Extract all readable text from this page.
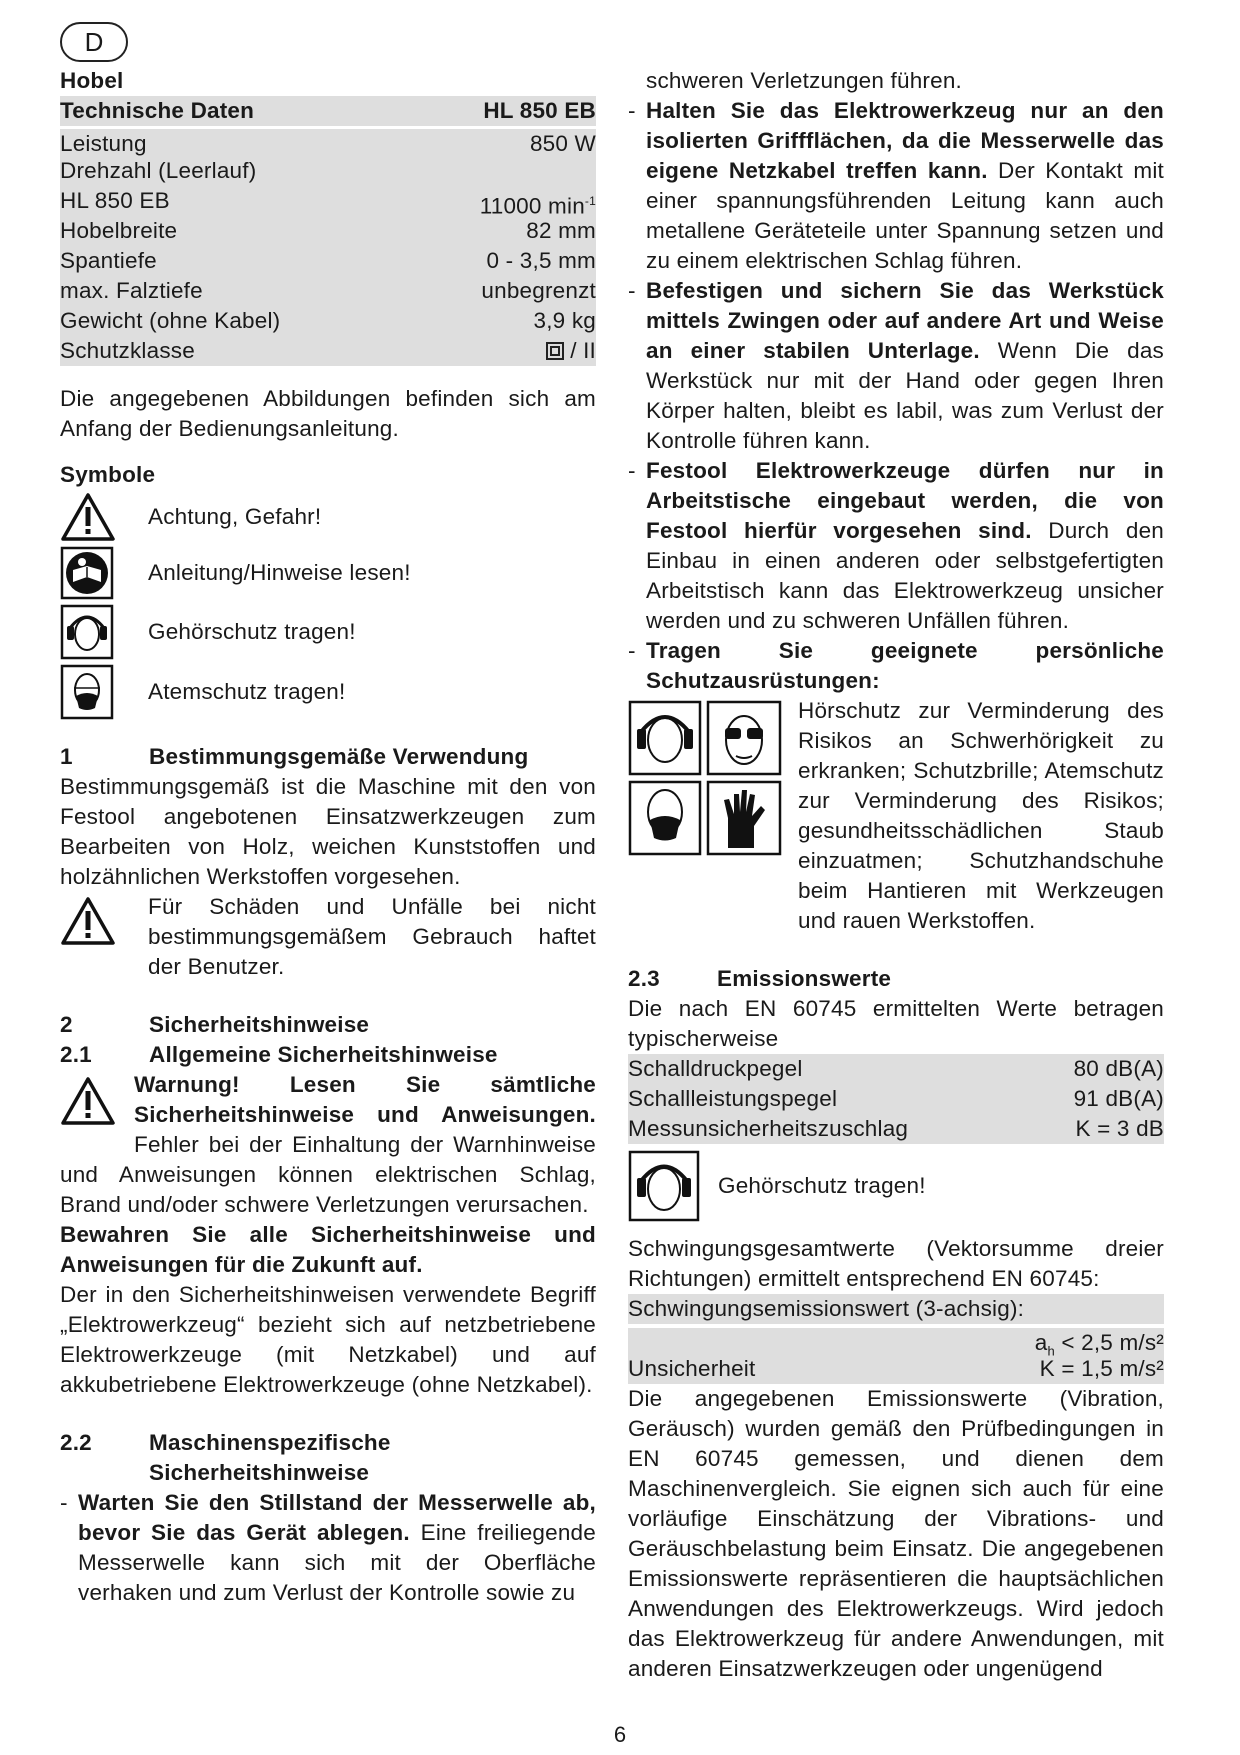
D

Hobel

Technische Daten	HL 850 EB
Leistung	850 W
Drehzahl (Leerlauf)
HL 850 EB	11000 $\min^{-1}$
Hobelbreite	82 mm
Spantiefe	0 - 3,5 mm
max. Falztiefe	unbegrenzt
Gewicht (ohne Kabel)	3,9 kg
Schutzklasse	/ II

Die angegebenen Abbildungen befinden sich am Anfang der Bedienungsanleitung.

Symbole

Achtung, Gefahr!
Anleitung/Hinweise lesen!
Gehörschutz tragen!
Atemschutz tragen!
1	Bestimmungsgemäße Verwendung

Bestimmungsgemäß ist die Maschine mit den von Festool angebotenen Einsatzwerkzeugen zum Bearbeiten von Holz, weichen Kunststoffen und holzähnlichen Werkstoffen vorgesehen.

Für Schäden und Unfälle bei nicht bestimmungsgemäßem Gebrauch haftet der Benutzer.

2	Sicherheitshinweise
2.1	Allgemeine Sicherheitshinweise

Warnung! Lesen Sie sämtliche Sicherheitshinweise und Anweisungen. Fehler bei der Einhaltung der Warnhinweise und Anweisungen können elektrischen Schlag, Brand und/oder schwere Verletzungen verursachen.

Bewahren Sie alle Sicherheitshinweise und Anweisungen für die Zukunft auf.

Der in den Sicherheitshinweisen verwendete Begriff „Elektrowerkzeug“ bezieht sich auf netzbetriebene Elektrowerkzeuge (mit Netzkabel) und auf akkubetriebene Elektrowerkzeuge (ohne Netzkabel).

2.2	Maschinenspezifische Sicherheitshinweise
- Warten Sie den Stillstand der Messerwelle ab, bevor Sie das Gerät ablegen. Eine freiliegende Messerwelle kann sich mit der Oberfläche verhaken und zum Verlust der Kontrolle sowie zu

schweren Verletzungen führen.

- Halten Sie das Elektrowerkzeug nur an den isolierten Griffflächen, da die Messerwelle das eigene Netzkabel treffen kann. Der Kontakt mit einer spannungsführenden Leitung kann auch metallene Geräteteile unter Spannung setzen und zu einem elektrischen Schlag führen.

- Befestigen und sichern Sie das Werkstück mittels Zwingen oder auf andere Art und Weise an einer stabilen Unterlage. Wenn Die das Werkstück nur mit der Hand oder gegen Ihren Körper halten, bleibt es labil, was zum Verlust der Kontrolle führen kann.

- Festool Elektrowerkzeuge dürfen nur in Arbeitstische eingebaut werden, die von Festool hierfür vorgesehen sind. Durch den Einbau in einen anderen oder selbstgefertigten Arbeitstisch kann das Elektrowerkzeug unsicher werden und zu schweren Unfällen führen.

- Tragen Sie geeignete persönliche Schutzausrüstungen:

Hörschutz zur Verminderung des Risikos an Schwerhörigkeit zu erkranken; Schutzbrille; Atemschutz zur Verminderung des Risikos; gesundheitsschädlichen Staub einzuatmen; Schutzhandschuhe beim Hantieren mit Werkzeugen und rauen Werkstoffen.

2.3	Emissionswerte

Die nach EN 60745 ermittelten Werte betragen typischerweise

Schalldruckpegel	80 dB(A)
Schallleistungspegel	91 dB(A)
Messunsicherheitszuschlag	K = 3 dB
Gehörschutz tragen!

Schwingungsgesamtwerte (Vektorsumme dreier Richtungen) ermittelt entsprechend EN 60745:

Schwingungsemissionswert (3-achsig):
$a_h < 2,5$ m/s²
Unsicherheit	K = 1,5 m/s²

Die angegebenen Emissionswerte (Vibration, Geräusch) wurden gemäß den Prüfbedingungen in EN 60745 gemessen, und dienen dem Maschinenvergleich. Sie eignen sich auch für eine vorläufige Einschätzung der Vibrations- und Geräuschbelastung beim Einsatz. Die angegebenen Emissionswerte repräsentieren die hauptsächlichen Anwendungen des Elektrowerkzeugs. Wird jedoch das Elektrowerkzeug für andere Anwendungen, mit anderen Einsatzwerkzeugen oder ungenügend

6
